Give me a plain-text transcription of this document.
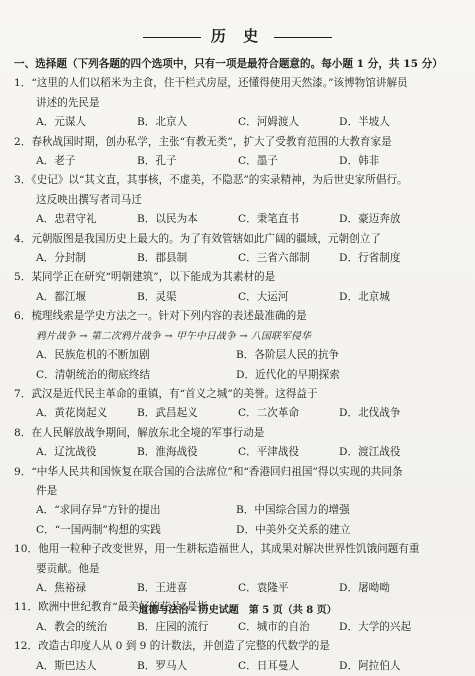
历 史
一、选择题（下列各题的四个选项中，只有一项是最符合题意的。每小题 1 分，共 15 分）
1．“这里的人们以稻米为主食，住干栏式房屋，还懂得使用天然漆。”该博物馆讲解员
讲述的先民是
A．元谋人	B．北京人	C．河姆渡人	D．半坡人
2．春秋战国时期，创办私学，主张“有教无类”，扩大了受教育范围的大教育家是
A．老子	B．孔子	C．墨子	D．韩非
3．《史记》以“其文直，其事核，不虚美，不隐恶”的实录精神，为后世史家所倡行。
这反映出撰写者司马迁
A．忠君守礼	B．以民为本	C．秉笔直书	D．豪迈奔放
4．元朝版图是我国历史上最大的。为了有效管辖如此广阔的疆域，元朝创立了
A．分封制	B．郡县制	C．三省六部制	D．行省制度
5．某同学正在研究“明朝建筑”，以下能成为其素材的是
A．都江堰	B．灵渠	C．大运河	D．北京城
6．梳理线索是学史方法之一。针对下列内容的表述最准确的是
鸦片战争 → 第二次鸦片战争 → 甲午中日战争 → 八国联军侵华
A．民族危机的不断加剧	B．各阶层人民的抗争
C．清朝统治的彻底终结	D．近代化的早期探索
7．武汉是近代民主革命的重镇，有“首义之城”的美誉。这得益于
A．黄花岗起义	B．武昌起义	C．二次革命	D．北伐战争
8．在人民解放战争期间，解放东北全境的军事行动是
A．辽沈战役	B．淮海战役	C．平津战役	D．渡江战役
9．“中华人民共和国恢复在联合国的合法席位”和“香港回归祖国”得以实现的共同条
件是
A．“求同存异”方针的提出	B．中国综合国力的增强
C．“一国两制”构想的实践	D．中美外交关系的建立
10．他用一粒种子改变世界，用一生耕耘造福世人，其成果对解决世界性饥饿问题有重
要贡献。他是
A．焦裕禄	B．王进喜	C．袁隆平	D．屠呦呦
11．欧洲中世纪教育“最美好的花朵”是指
A．教会的统治	B．庄园的流行	C．城市的自治	D．大学的兴起
12．改造古印度人从 0 到 9 的计数法，并创造了完整的代数学的是
A．斯巴达人	B．罗马人	C．日耳曼人	D．阿拉伯人
道德与法治 · 历史试题　第 5 页（共 8 页）
